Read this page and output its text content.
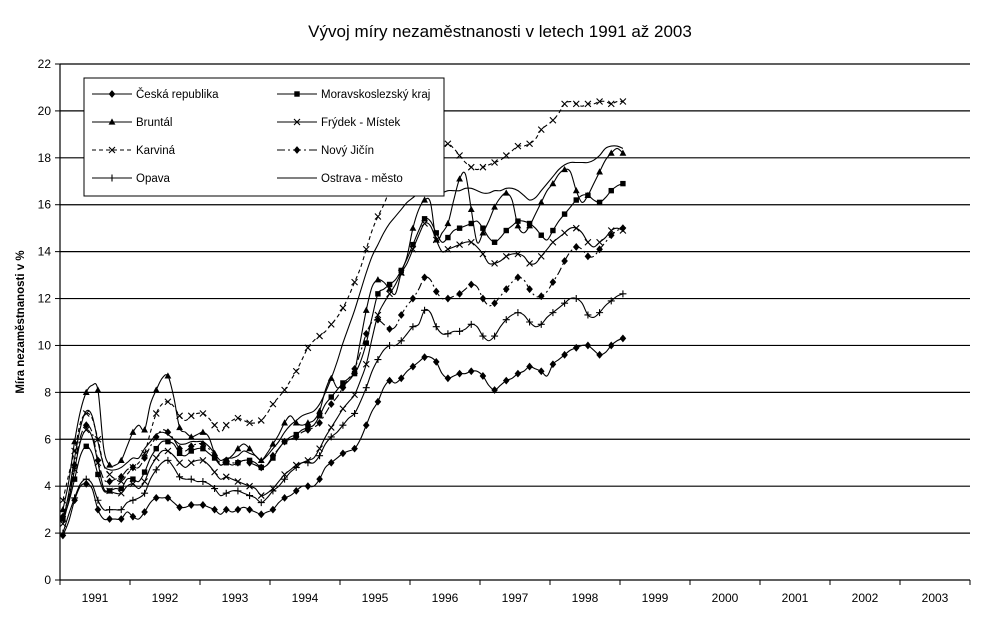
Vývoj míry nezaměstnanosti v letech 1991 až 2003
0
2
4
6
8
10
12
14
16
18
20
22
1991	1992	1993	1994	1995	1996	1997	1998	1999	2000	2001	2002	2003
Míra nezaměstnanosti v %
Česká republika	Moravskoslezský kraj
Bruntál	Frýdek - Místek
Karviná	Nový Jičín
Opava	Ostrava - město
